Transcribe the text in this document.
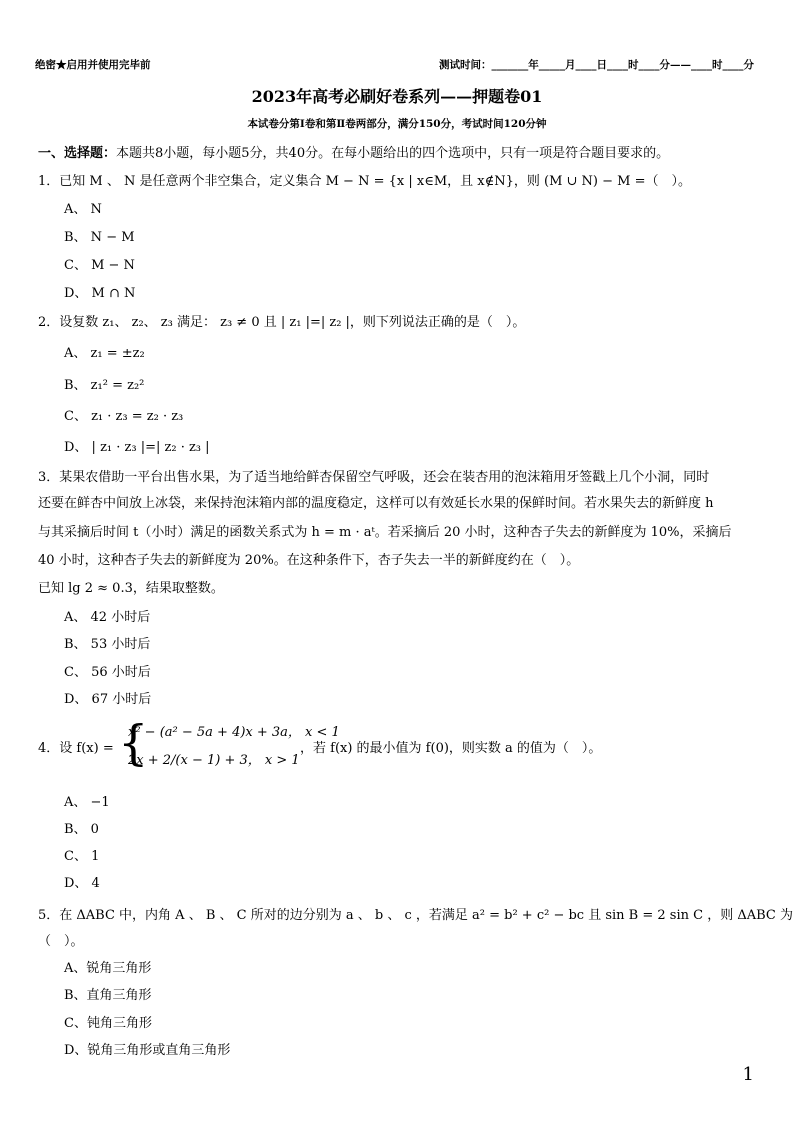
绝密★启用并使用完毕前	测试时间：_______年_____月____日____时____分——____时____分
2023年高考必刷好卷系列——押题卷01
本试卷分第Ⅰ卷和第Ⅱ卷两部分，满分150分，考试时间120分钟
一、选择题：本题共8小题，每小题5分，共40分。在每小题给出的四个选项中，只有一项是符合题目要求的。
1．已知 M 、 N 是任意两个非空集合，定义集合 M − N = {x | x∈M，且 x∉N}，则 (M ∪ N) − M =（　）。
A、 N
B、 N − M
C、 M − N
D、 M ∩ N
2．设复数 z₁、 z₂、 z₃ 满足： z₃ ≠ 0 且 | z₁ |=| z₂ |，则下列说法正确的是（　）。
A、 z₁ = ±z₂
B、 z₁² = z₂²
C、 z₁ · z₃ = z₂ · z₃
D、 | z₁ · z₃ |=| z₂ · z₃ |
3．某果农借助一平台出售水果，为了适当地给鲜杏保留空气呼吸，还会在装杏用的泡沫箱用牙签戳上几个小洞，同时
还要在鲜杏中间放上冰袋，来保持泡沫箱内部的温度稳定，这样可以有效延长水果的保鲜时间。若水果失去的新鲜度 h
与其采摘后时间 t（小时）满足的函数关系式为 h = m · aᵗ。若采摘后 20 小时，这种杏子失去的新鲜度为 10%，采摘后
40 小时，这种杏子失去的新鲜度为 20%。在这种条件下，杏子失去一半的新鲜度约在（　）。
已知 lg 2 ≈ 0.3，结果取整数。
A、 42 小时后
B、 53 小时后
C、 56 小时后
D、 67 小时后
4．设 f(x) = {
x² − (a² − 5a + 4)x + 3a， x < 1
2x + 2/(x − 1) + 3， x > 1
，若 f(x) 的最小值为 f(0)，则实数 a 的值为（　）。
A、 −1
B、 0
C、 1
D、 4
5．在 ΔABC 中，内角 A 、 B 、 C 所对的边分别为 a 、 b 、 c ，若满足 a² = b² + c² − bc 且 sin B = 2 sin C ，则 ΔABC 为
（　）。
A、锐角三角形
B、直角三角形
C、钝角三角形
D、锐角三角形或直角三角形
1
